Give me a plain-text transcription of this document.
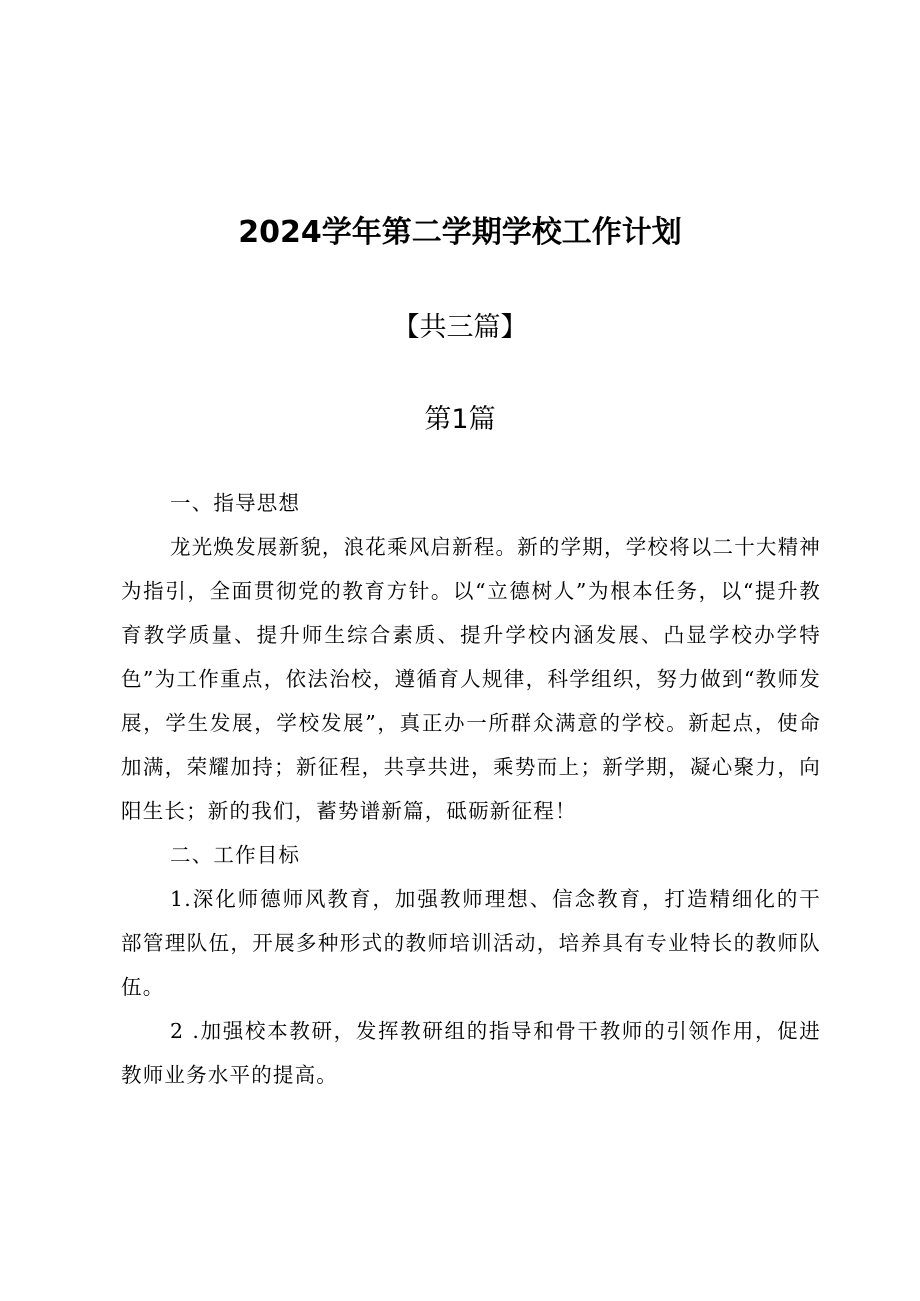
2024学年第二学期学校工作计划
【共三篇】
第1篇

一、指导思想

龙光焕发展新貌，浪花乘风启新程。新的学期，学校将以二十大精神为指引，全面贯彻党的教育方针。以“立德树人”为根本任务，以“提升教育教学质量、提升师生综合素质、提升学校内涵发展、凸显学校办学特色”为工作重点，依法治校，遵循育人规律，科学组织，努力做到“教师发展，学生发展，学校发展”，真正办一所群众满意的学校。新起点，使命加满，荣耀加持；新征程，共享共进，乘势而上；新学期，凝心聚力，向阳生长；新的我们，蓄势谱新篇，砥砺新征程！

二、工作目标

1.深化师德师风教育，加强教师理想、信念教育，打造精细化的干部管理队伍，开展多种形式的教师培训活动，培养具有专业特长的教师队伍。

2 .加强校本教研，发挥教研组的指导和骨干教师的引领作用，促进教师业务水平的提高。
